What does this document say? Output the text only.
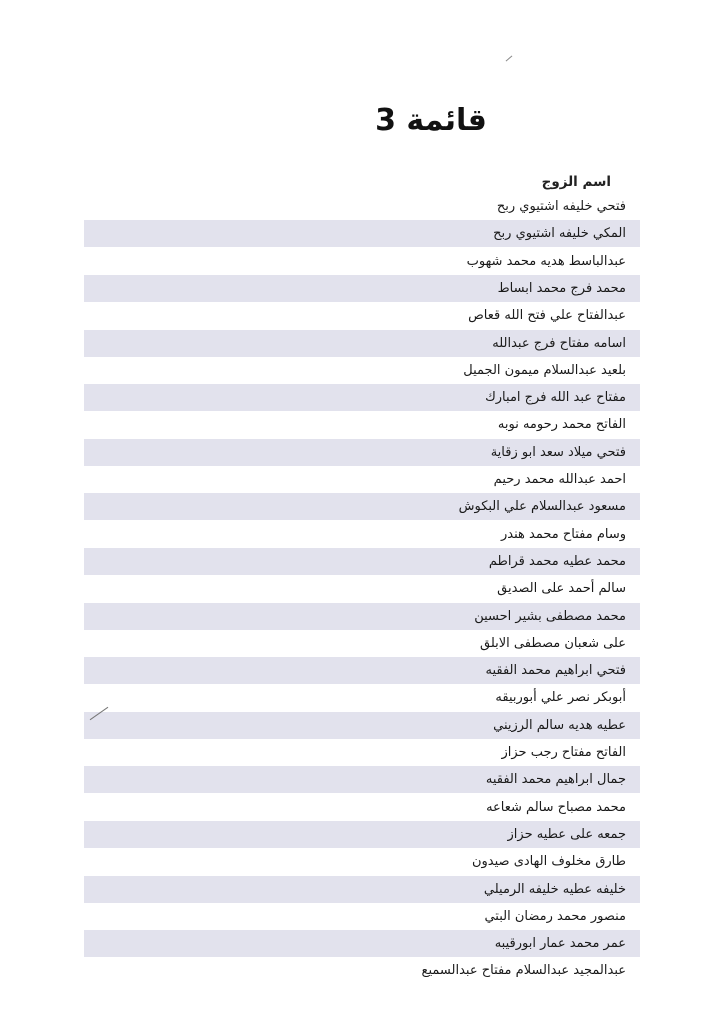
قائمة 3
اسم الزوج
فتحي خليفه اشتيوي ربح
المكي خليفه اشتيوي ربح
عبدالباسط هديه محمد شهوب
محمد فرج محمد ابساط
عبدالفتاح علي فتح الله قعاص
اسامه مفتاح فرج عبدالله
بلعيد عبدالسلام ميمون الجميل
مفتاح عبد الله فرج امبارك
الفاتح محمد رحومه نوبه
فتحي ميلاد سعد ابو زقاية
احمد عبدالله محمد رحيم
مسعود عبدالسلام علي البكوش
وسام مفتاح محمد هندر
محمد عطيه محمد قراطم
سالم أحمد على الصديق
محمد مصطفى بشير احسين
على شعبان مصطفى الابلق
فتحي ابراهيم محمد الفقيه
أبوبكر نصر علي أبوربيقه
عطيه هديه سالم الرزيني
الفاتح مفتاح رجب حزاز
جمال ابراهيم محمد الفقيه
محمد مصباح سالم شعاعه
جمعه على عطيه حزاز
طارق مخلوف الهادى صيدون
خليفه عطيه خليفه الرميلي
منصور محمد رمضان البتي
عمر محمد عمار ابورقيبه
عبدالمجيد عبدالسلام مفتاح عبدالسميع
